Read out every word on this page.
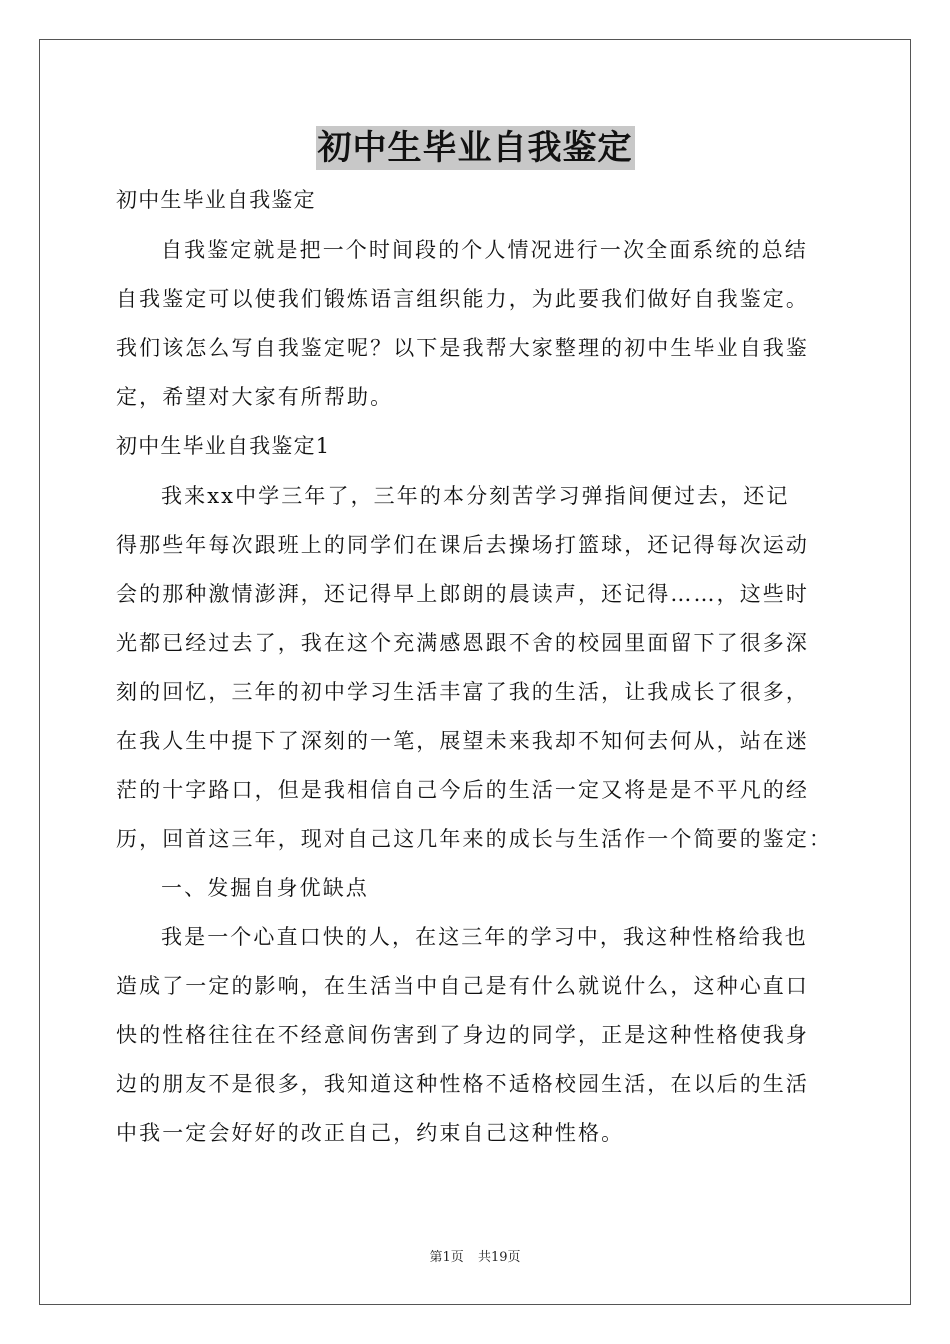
初中生毕业自我鉴定
初中生毕业自我鉴定
自我鉴定就是把一个时间段的个人情况进行一次全面系统的总结
自我鉴定可以使我们锻炼语言组织能力，为此要我们做好自我鉴定。
我们该怎么写自我鉴定呢？以下是我帮大家整理的初中生毕业自我鉴
定，希望对大家有所帮助。
初中生毕业自我鉴定1
我来xx中学三年了，三年的本分刻苦学习弹指间便过去，还记
得那些年每次跟班上的同学们在课后去操场打篮球，还记得每次运动
会的那种激情澎湃，还记得早上郎朗的晨读声，还记得……，这些时
光都已经过去了，我在这个充满感恩跟不舍的校园里面留下了很多深
刻的回忆，三年的初中学习生活丰富了我的生活，让我成长了很多，
在我人生中提下了深刻的一笔，展望未来我却不知何去何从，站在迷
茫的十字路口，但是我相信自己今后的生活一定又将是是不平凡的经
历，回首这三年，现对自己这几年来的成长与生活作一个简要的鉴定：
一、发掘自身优缺点
我是一个心直口快的人，在这三年的学习中，我这种性格给我也
造成了一定的影响，在生活当中自己是有什么就说什么，这种心直口
快的性格往往在不经意间伤害到了身边的同学，正是这种性格使我身
边的朋友不是很多，我知道这种性格不适格校园生活，在以后的生活
中我一定会好好的改正自己，约束自己这种性格。
第1页 共19页
